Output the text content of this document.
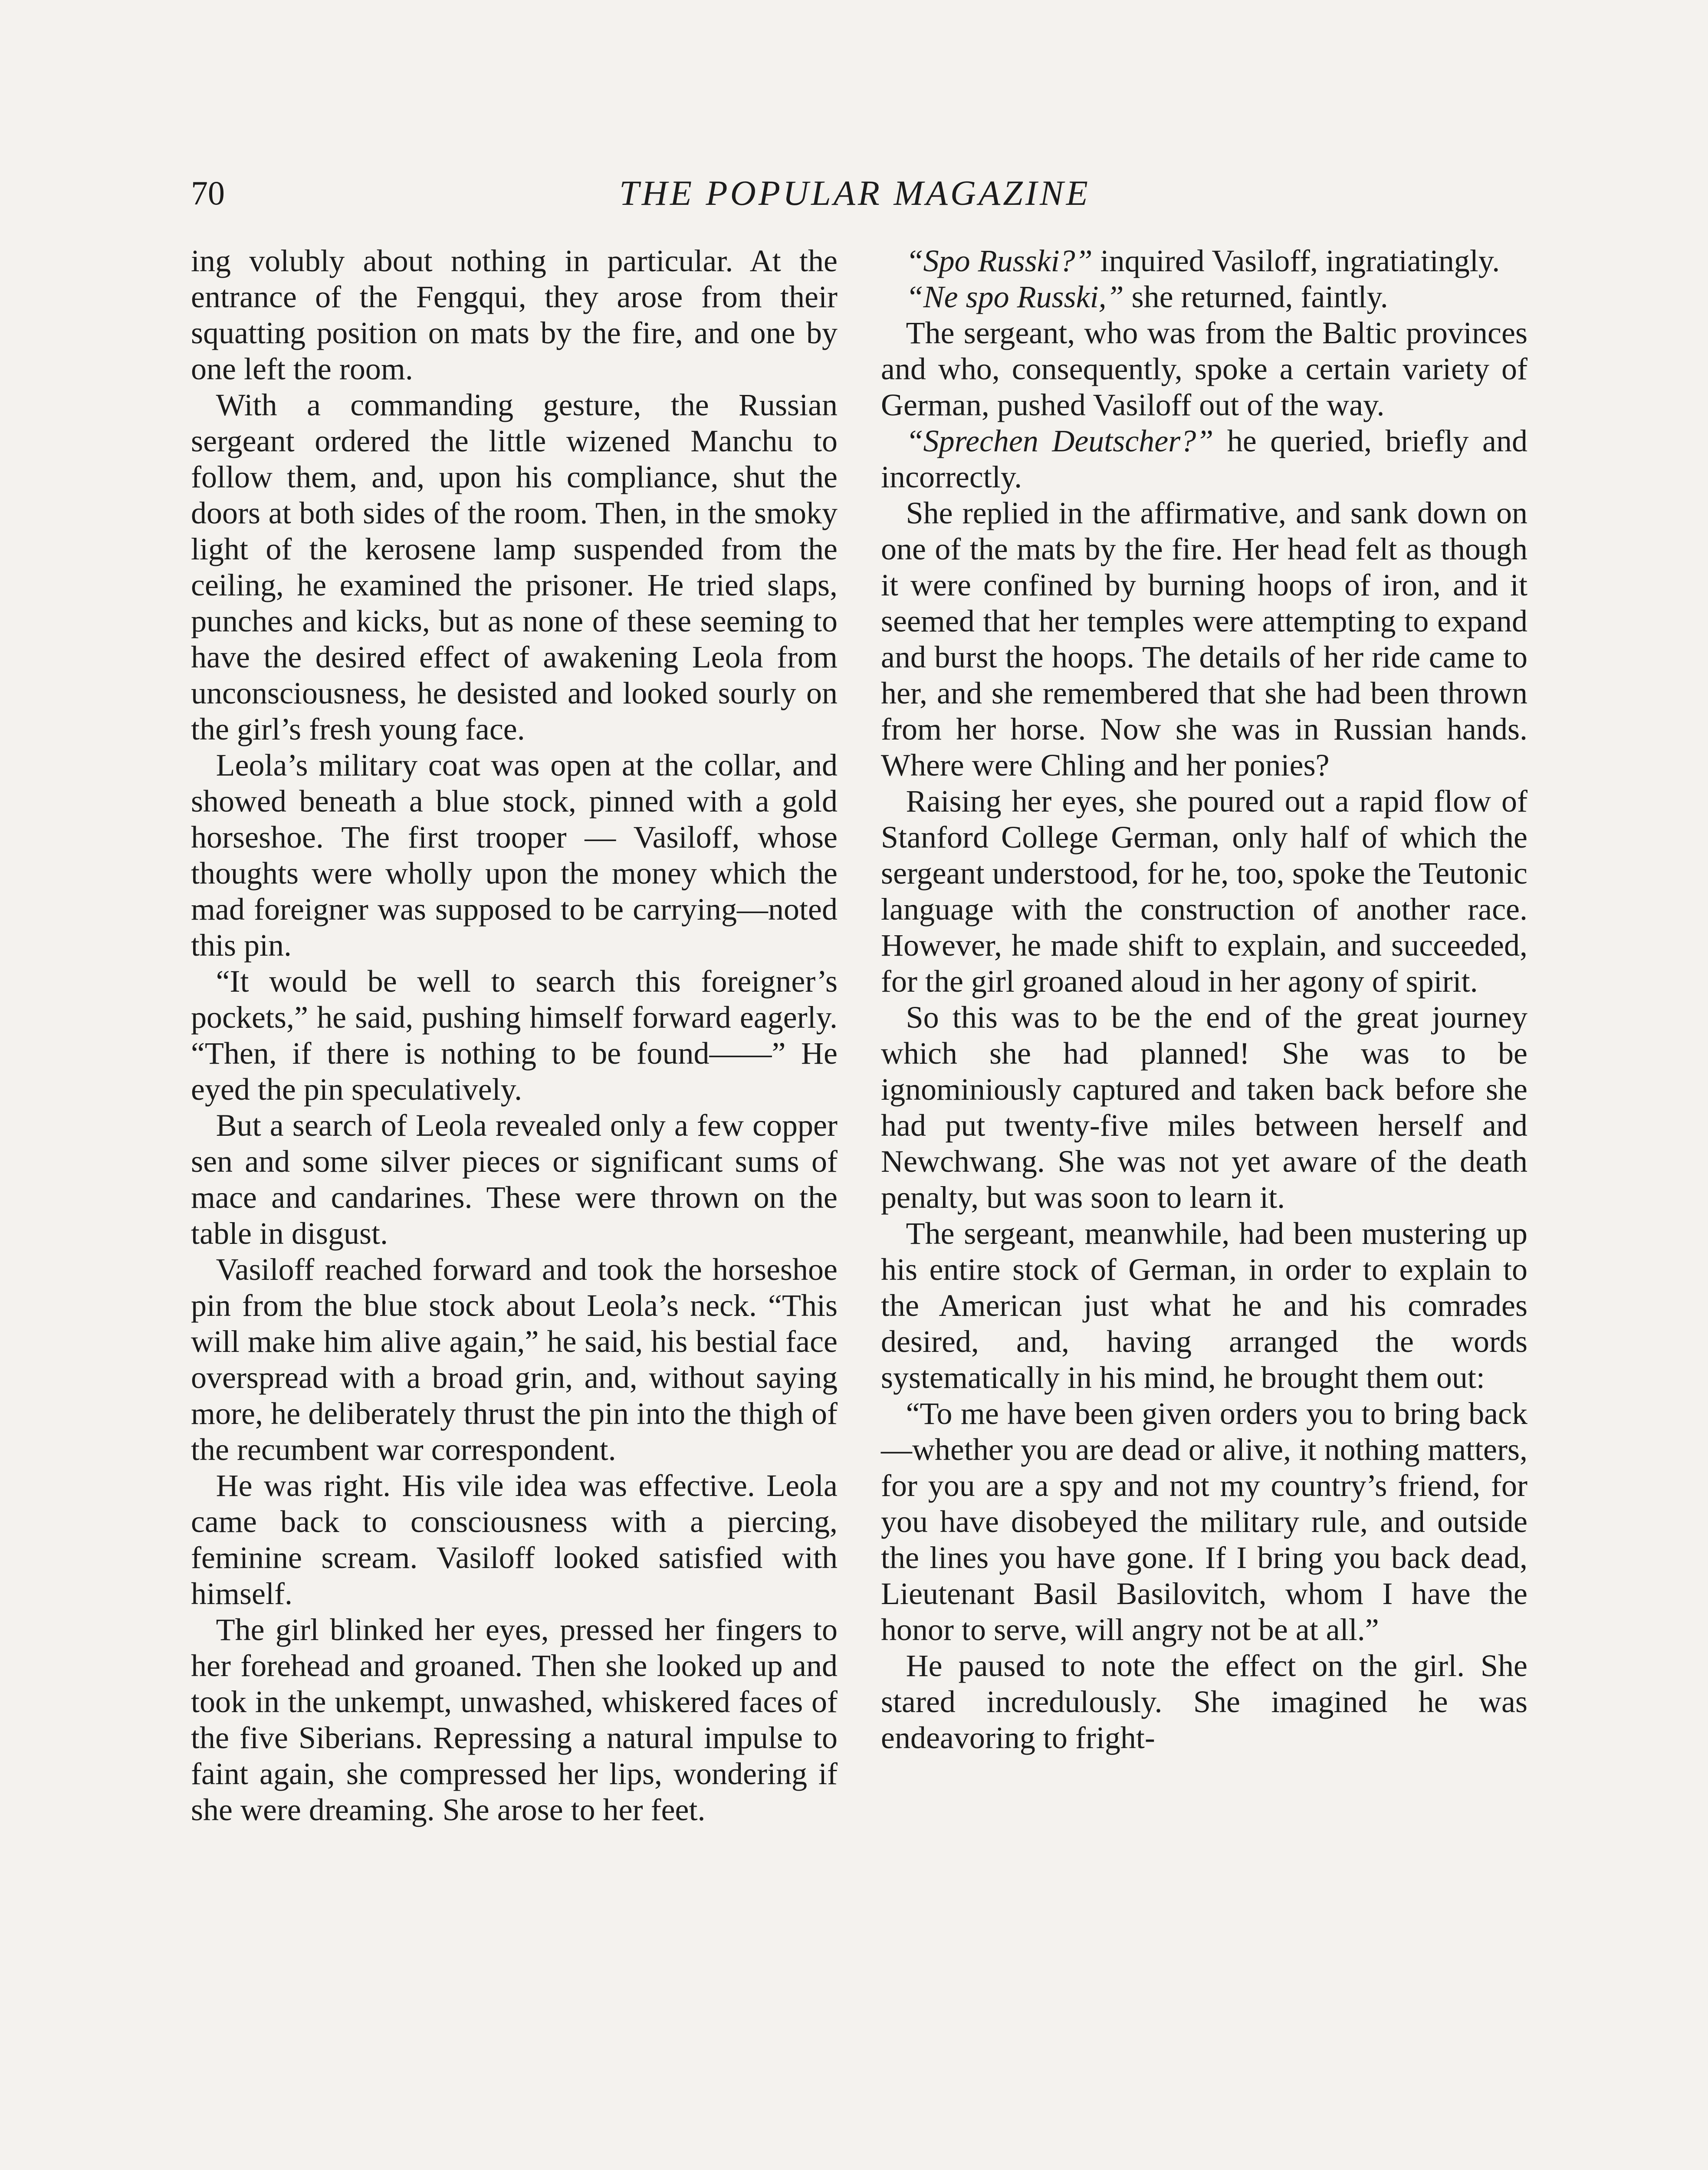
70	THE POPULAR MAGAZINE

ing volubly about nothing in particular. At the entrance of the Fengqui, they arose from their squatting position on mats by the fire, and one by one left the room.

With a commanding gesture, the Russian sergeant ordered the little wizened Manchu to follow them, and, upon his compliance, shut the doors at both sides of the room. Then, in the smoky light of the kerosene lamp suspended from the ceiling, he examined the prisoner. He tried slaps, punches and kicks, but as none of these seeming to have the desired effect of awakening Leola from unconsciousness, he desisted and looked sourly on the girl’s fresh young face.

Leola’s military coat was open at the collar, and showed beneath a blue stock, pinned with a gold horseshoe. The first trooper — Vasiloff, whose thoughts were wholly upon the money which the mad foreigner was supposed to be carrying—noted this pin.

“It would be well to search this foreigner’s pockets,” he said, pushing himself forward eagerly. “Then, if there is nothing to be found——” He eyed the pin speculatively.

But a search of Leola revealed only a few copper sen and some silver pieces or significant sums of mace and candarines. These were thrown on the table in disgust.

Vasiloff reached forward and took the horseshoe pin from the blue stock about Leola’s neck. “This will make him alive again,” he said, his bestial face overspread with a broad grin, and, without saying more, he deliberately thrust the pin into the thigh of the recumbent war correspondent.

He was right. His vile idea was effective. Leola came back to consciousness with a piercing, feminine scream. Vasiloff looked satisfied with himself.

The girl blinked her eyes, pressed her fingers to her forehead and groaned. Then she looked up and took in the unkempt, unwashed, whiskered faces of the five Siberians. Repressing a natural impulse to faint again, she compressed her lips, wondering if she were dreaming. She arose to her feet.

“Spo Russki?” inquired Vasiloff, ingratiatingly.

“Ne spo Russki,” she returned, faintly.

The sergeant, who was from the Baltic provinces and who, consequently, spoke a certain variety of German, pushed Vasiloff out of the way.

“Sprechen Deutscher?” he queried, briefly and incorrectly.

She replied in the affirmative, and sank down on one of the mats by the fire. Her head felt as though it were confined by burning hoops of iron, and it seemed that her temples were attempting to expand and burst the hoops. The details of her ride came to her, and she remembered that she had been thrown from her horse. Now she was in Russian hands. Where were Chling and her ponies?

Raising her eyes, she poured out a rapid flow of Stanford College German, only half of which the sergeant understood, for he, too, spoke the Teutonic language with the construction of another race. However, he made shift to explain, and succeeded, for the girl groaned aloud in her agony of spirit.

So this was to be the end of the great journey which she had planned! She was to be ignominiously captured and taken back before she had put twenty-five miles between herself and Newchwang. She was not yet aware of the death penalty, but was soon to learn it.

The sergeant, meanwhile, had been mustering up his entire stock of German, in order to explain to the American just what he and his comrades desired, and, having arranged the words systematically in his mind, he brought them out:

“To me have been given orders you to bring back—whether you are dead or alive, it nothing matters, for you are a spy and not my country’s friend, for you have disobeyed the military rule, and outside the lines you have gone. If I bring you back dead, Lieutenant Basil Basilovitch, whom I have the honor to serve, will angry not be at all.”

He paused to note the effect on the girl. She stared incredulously. She imagined he was endeavoring to fright-
